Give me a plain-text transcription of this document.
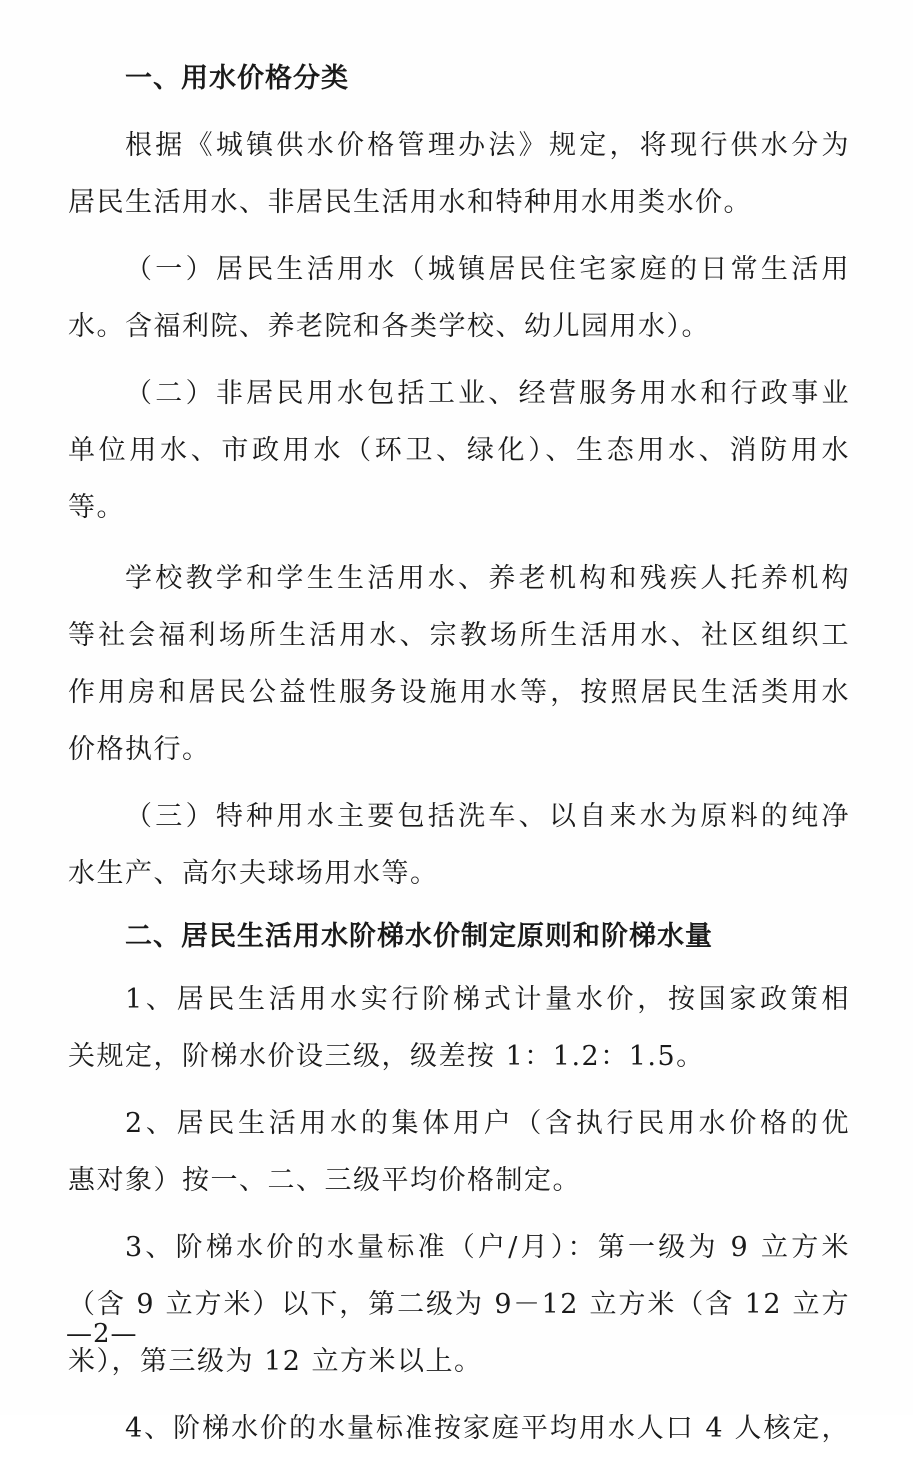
一、用水价格分类
根据《城镇供水价格管理办法》规定，将现行供水分为
居民生活用水、非居民生活用水和特种用水用类水价。
（一）居民生活用水（城镇居民住宅家庭的日常生活用
水。含福利院、养老院和各类学校、幼儿园用水）。
（二）非居民用水包括工业、经营服务用水和行政事业
单位用水、市政用水（环卫、绿化）、生态用水、消防用水
等。
学校教学和学生生活用水、养老机构和残疾人托养机构
等社会福利场所生活用水、宗教场所生活用水、社区组织工
作用房和居民公益性服务设施用水等，按照居民生活类用水
价格执行。
（三）特种用水主要包括洗车、以自来水为原料的纯净
水生产、高尔夫球场用水等。
二、居民生活用水阶梯水价制定原则和阶梯水量
1、居民生活用水实行阶梯式计量水价，按国家政策相
关规定，阶梯水价设三级，级差按 1：1.2：1.5。
2、居民生活用水的集体用户（含执行民用水价格的优
惠对象）按一、二、三级平均价格制定。
3、阶梯水价的水量标准（户/月）：第一级为 9 立方米
（含 9 立方米）以下，第二级为 9－12 立方米（含 12 立方
米），第三级为 12 立方米以上。
4、阶梯水价的水量标准按家庭平均用水人口 4 人核定，
—2—
